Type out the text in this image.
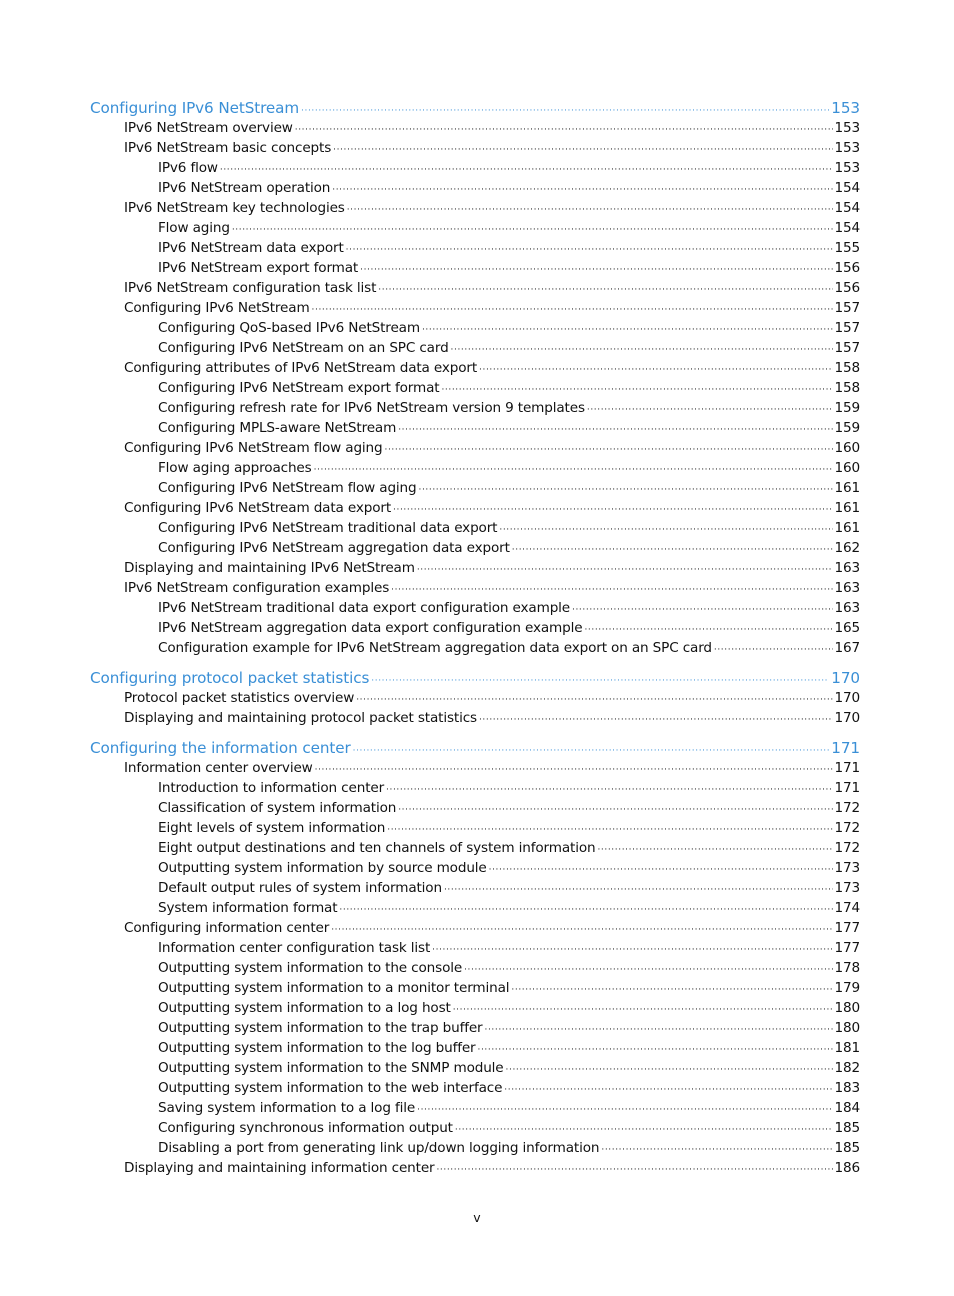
Configuring IPv6 NetStream ·····	153
IPv6 NetStream overview ·····	153
IPv6 NetStream basic concepts ·····	153
IPv6 flow ·····	153
IPv6 NetStream operation ·····	154
IPv6 NetStream key technologies ·····	154
Flow aging ·····	154
IPv6 NetStream data export ·····	155
IPv6 NetStream export format ·····	156
IPv6 NetStream configuration task list ·····	156
Configuring IPv6 NetStream ·····	157
Configuring QoS-based IPv6 NetStream ·····	157
Configuring IPv6 NetStream on an SPC card ·····	157
Configuring attributes of IPv6 NetStream data export ·····	158
Configuring IPv6 NetStream export format ·····	158
Configuring refresh rate for IPv6 NetStream version 9 templates ·····	159
Configuring MPLS-aware NetStream ·····	159
Configuring IPv6 NetStream flow aging ·····	160
Flow aging approaches ·····	160
Configuring IPv6 NetStream flow aging ·····	161
Configuring IPv6 NetStream data export ·····	161
Configuring IPv6 NetStream traditional data export ·····	161
Configuring IPv6 NetStream aggregation data export ·····	162
Displaying and maintaining IPv6 NetStream ·····	163
IPv6 NetStream configuration examples ·····	163
IPv6 NetStream traditional data export configuration example ·····	163
IPv6 NetStream aggregation data export configuration example ·····	165
Configuration example for IPv6 NetStream aggregation data export on an SPC card ·····	167
Configuring protocol packet statistics ·····	170
Protocol packet statistics overview ·····	170
Displaying and maintaining protocol packet statistics ·····	170
Configuring the information center ·····	171
Information center overview ·····	171
Introduction to information center ·····	171
Classification of system information ·····	172
Eight levels of system information ·····	172
Eight output destinations and ten channels of system information ·····	172
Outputting system information by source module ·····	173
Default output rules of system information ·····	173
System information format ·····	174
Configuring information center ·····	177
Information center configuration task list ·····	177
Outputting system information to the console ·····	178
Outputting system information to a monitor terminal ·····	179
Outputting system information to a log host ·····	180
Outputting system information to the trap buffer ·····	180
Outputting system information to the log buffer ·····	181
Outputting system information to the SNMP module ·····	182
Outputting system information to the web interface ·····	183
Saving system information to a log file ·····	184
Configuring synchronous information output ·····	185
Disabling a port from generating link up/down logging information ·····	185
Displaying and maintaining information center ·····	186
v
